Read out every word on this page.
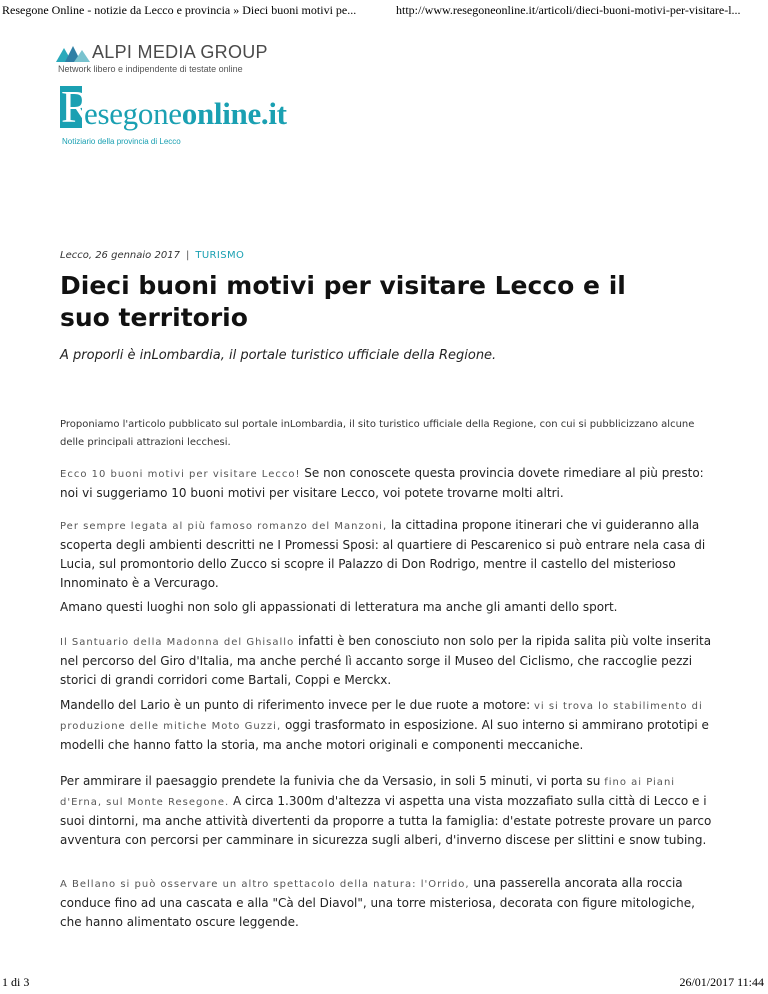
Resegone Online - notizie da Lecco e provincia » Dieci buoni motivi pe...	http://www.resegoneonline.it/articoli/dieci-buoni-motivi-per-visitare-l...
ALPI MEDIA GROUP
Network libero e indipendente di testate online
R
esegoneonline.it
Notiziario della provincia di Lecco
Lecco, 26 gennaio 2017 | TURISMO
Dieci buoni motivi per visitare Lecco e il suo territorio
A proporli è inLombardia, il portale turistico ufficiale della Regione.

Proponiamo l'articolo pubblicato sul portale inLombardia, il sito turistico ufficiale della Regione, con cui si pubblicizzano alcune delle principali attrazioni lecchesi.

Ecco 10 buoni motivi per visitare Lecco! Se non conoscete questa provincia dovete rimediare al più presto: noi vi suggeriamo 10 buoni motivi per visitare Lecco, voi potete trovarne molti altri.

Per sempre legata al più famoso romanzo del Manzoni, la cittadina propone itinerari che vi guideranno alla scoperta degli ambienti descritti ne I Promessi Sposi: al quartiere di Pescarenico si può entrare nela casa di Lucia, sul promontorio dello Zucco si scopre il Palazzo di Don Rodrigo, mentre il castello del misterioso Innominato è a Vercurago.

Amano questi luoghi non solo gli appassionati di letteratura ma anche gli amanti dello sport.

Il Santuario della Madonna del Ghisallo infatti è ben conosciuto non solo per la ripida salita più volte inserita nel percorso del Giro d'Italia, ma anche perché lì accanto sorge il Museo del Ciclismo, che raccoglie pezzi storici di grandi corridori come Bartali, Coppi e Merckx.

Mandello del Lario è un punto di riferimento invece per le due ruote a motore: vi si trova lo stabilimento di produzione delle mitiche Moto Guzzi, oggi trasformato in esposizione. Al suo interno si ammirano prototipi e modelli che hanno fatto la storia, ma anche motori originali e componenti meccaniche.

Per ammirare il paesaggio prendete la funivia che da Versasio, in soli 5 minuti, vi porta su fino ai Piani d'Erna, sul Monte Resegone. A circa 1.300m d'altezza vi aspetta una vista mozzafiato sulla città di Lecco e i suoi dintorni, ma anche attività divertenti da proporre a tutta la famiglia: d'estate potreste provare un parco avventura con percorsi per camminare in sicurezza sugli alberi, d'inverno discese per slittini e snow tubing.

A Bellano si può osservare un altro spettacolo della natura: l'Orrido, una passerella ancorata alla roccia conduce fino ad una cascata e alla "Cà del Diavol", una torre misteriosa, decorata con figure mitologiche, che hanno alimentato oscure leggende.

1 di 3	26/01/2017 11:44
